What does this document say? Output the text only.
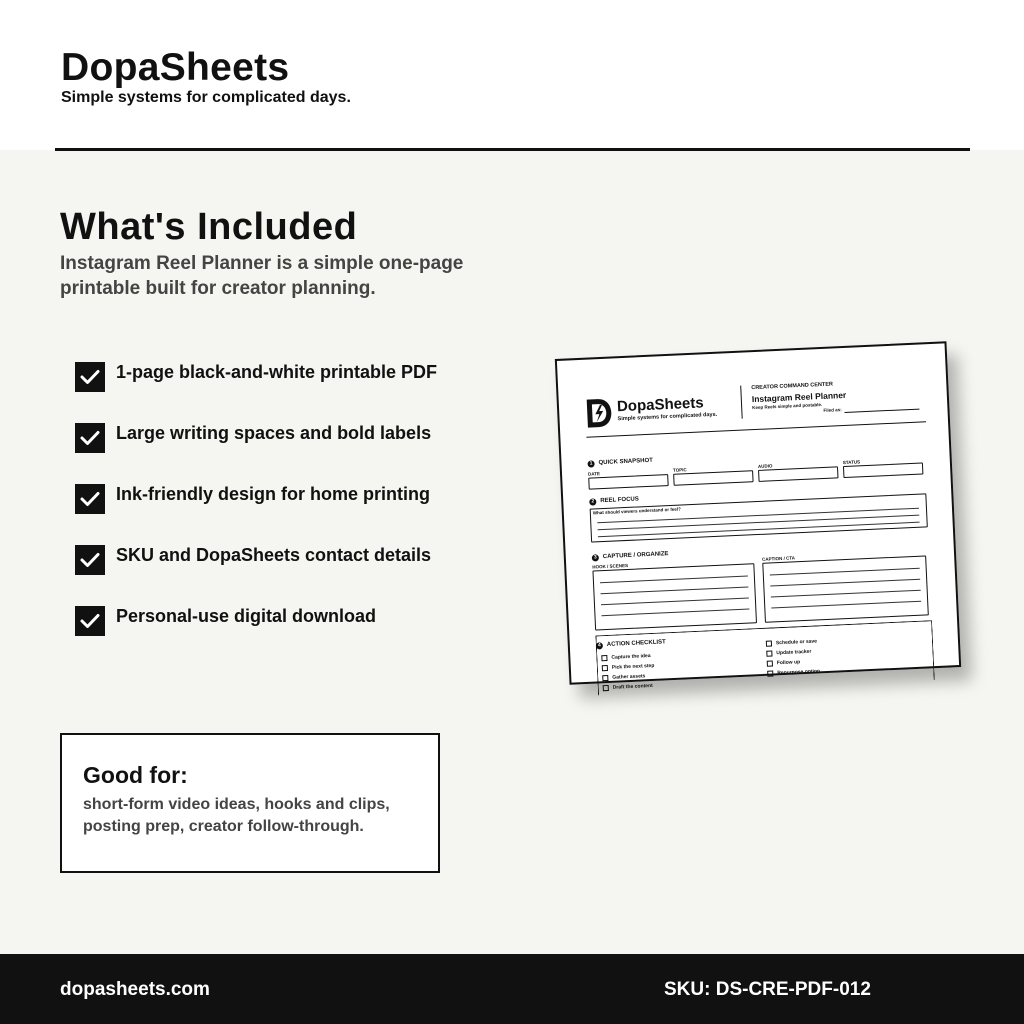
DopaSheets
Simple systems for complicated days.
What's Included

Instagram Reel Planner is a simple one-page printable built for creator planning.

1-page black-and-white printable PDF
Large writing spaces and bold labels
Ink-friendly design for home printing
SKU and DopaSheets contact details
Personal-use digital download
Good for:
short-form video ideas, hooks and clips, posting prep, creator follow-through.
DopaSheets
Simple systems for complicated days.
CREATOR COMMAND CENTER
Instagram Reel Planner
Keep Reels simple and postable. Filed as:
1 QUICK SNAPSHOT
DATE
TOPIC
AUDIO
STATUS
2 REEL FOCUS
What should viewers understand or feel?
3 CAPTURE / ORGANIZE
HOOK / SCENES
CAPTION / CTA
4 ACTION CHECKLIST
Capture the idea
Pick the next step
Gather assets
Draft the content
Schedule or save
Update tracker
Follow up
Repurpose option
dopasheets.com	SKU: DS-CRE-PDF-012
